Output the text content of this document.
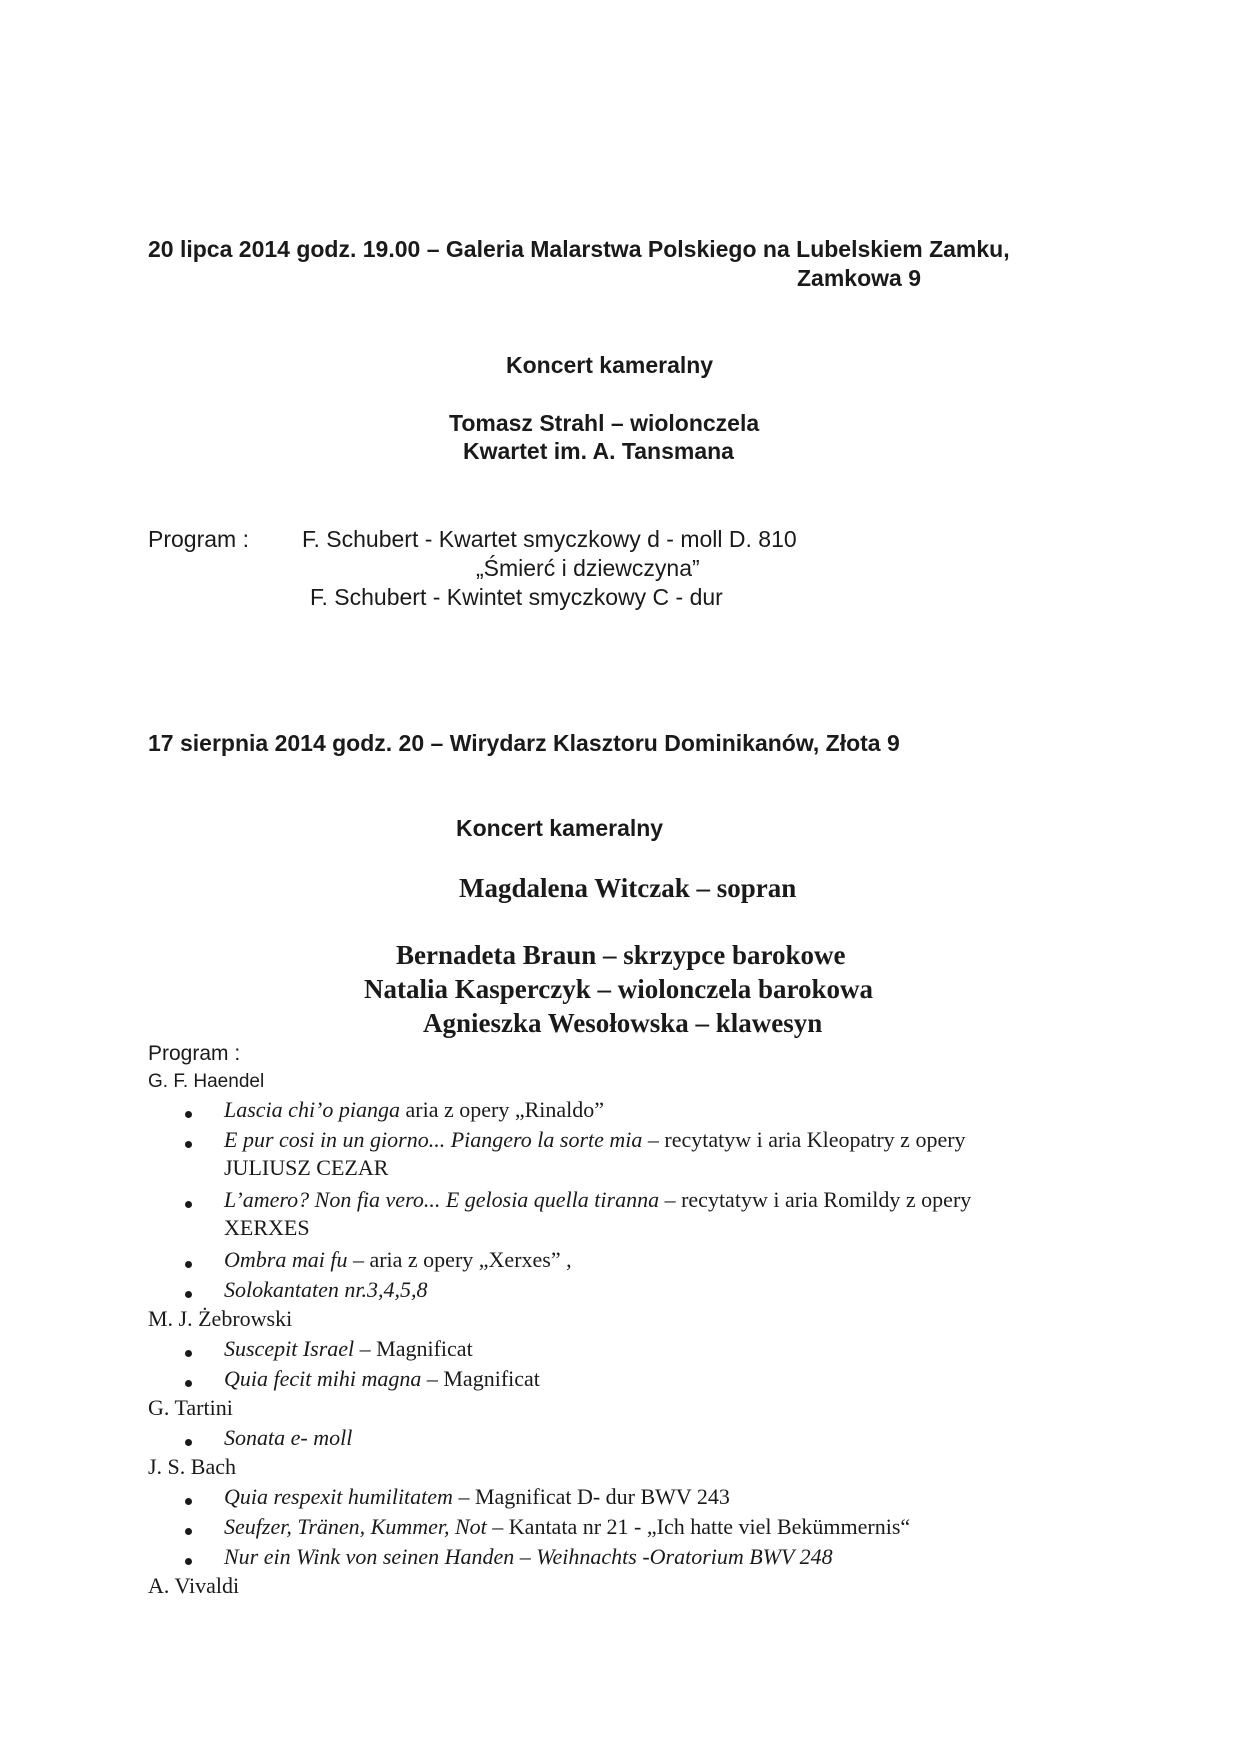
20 lipca 2014 godz. 19.00 – Galeria Malarstwa Polskiego na Lubelskiem Zamku,
Zamkowa 9
Koncert kameralny
Tomasz Strahl – wiolonczela
Kwartet im. A. Tansmana
Program : F. Schubert - Kwartet smyczkowy d - moll D. 810
„Śmierć i dziewczyna”
F. Schubert - Kwintet smyczkowy C - dur
17 sierpnia 2014 godz. 20 – Wirydarz Klasztoru Dominikanów, Złota 9
Koncert kameralny
Magdalena Witczak – sopran
Bernadeta Braun – skrzypce barokowe
Natalia Kasperczyk – wiolonczela barokowa
Agnieszka Wesołowska – klawesyn
Program :
G. F. Haendel
Lascia chi’o pianga aria z opery „Rinaldo”
E pur cosi in un giorno... Piangero la sorte mia – recytatyw i aria Kleopatry z opery
JULIUSZ CEZAR
L’amero? Non fia vero... E gelosia quella tiranna – recytatyw i aria Romildy z opery
XERXES
Ombra mai fu – aria z opery „Xerxes” ,
Solokantaten nr.3,4,5,8
M. J. Żebrowski
Suscepit Israel – Magnificat
Quia fecit mihi magna – Magnificat
G. Tartini
Sonata e- moll
J. S. Bach
Quia respexit humilitatem – Magnificat D- dur BWV 243
Seufzer, Tränen, Kummer, Not – Kantata nr 21 - „Ich hatte viel Bekümmernis“
Nur ein Wink von seinen Handen – Weihnachts -Oratorium BWV 248
A. Vivaldi
